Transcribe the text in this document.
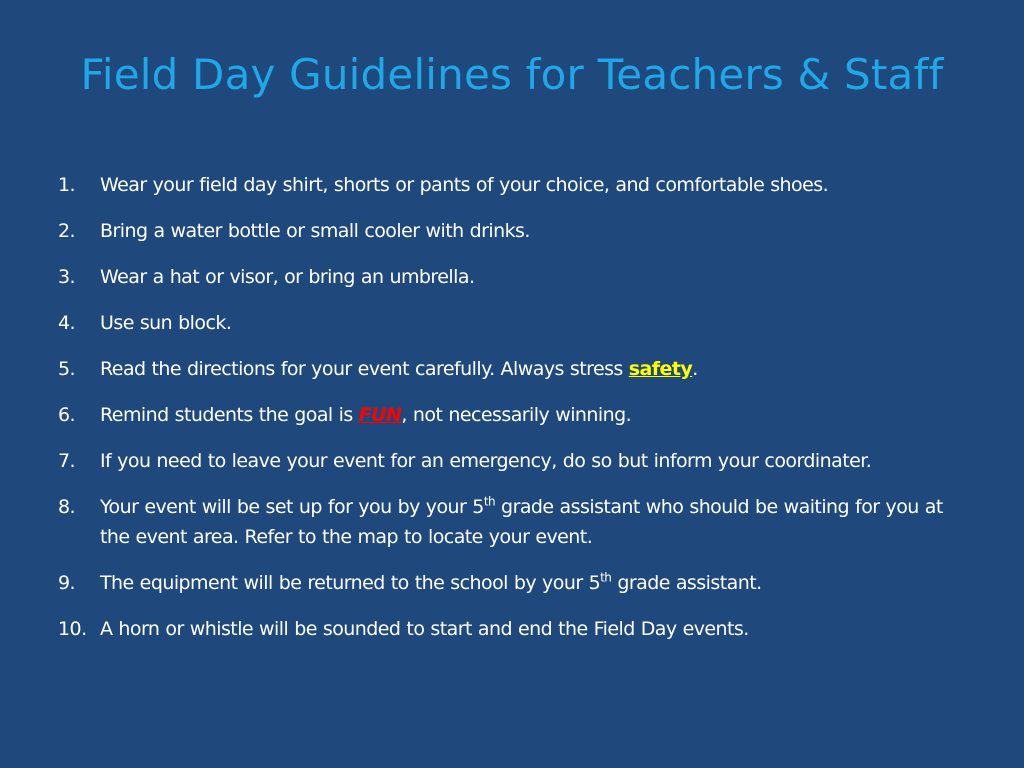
Field Day Guidelines for Teachers & Staff
1. Wear your field day shirt, shorts or pants of your choice, and comfortable shoes.
2. Bring a water bottle or small cooler with drinks.
3. Wear a hat or visor, or bring an umbrella.
4. Use sun block.
5. Read the directions for your event carefully. Always stress safety.
6. Remind students the goal is FUN, not necessarily winning.
7. If you need to leave your event for an emergency, do so but inform your coordinater.
8. Your event will be set up for you by your 5th grade assistant who should be waiting for you at the event area. Refer to the map to locate your event.
9. The equipment will be returned to the school by your 5th grade assistant.
10. A horn or whistle will be sounded to start and end the Field Day events.
